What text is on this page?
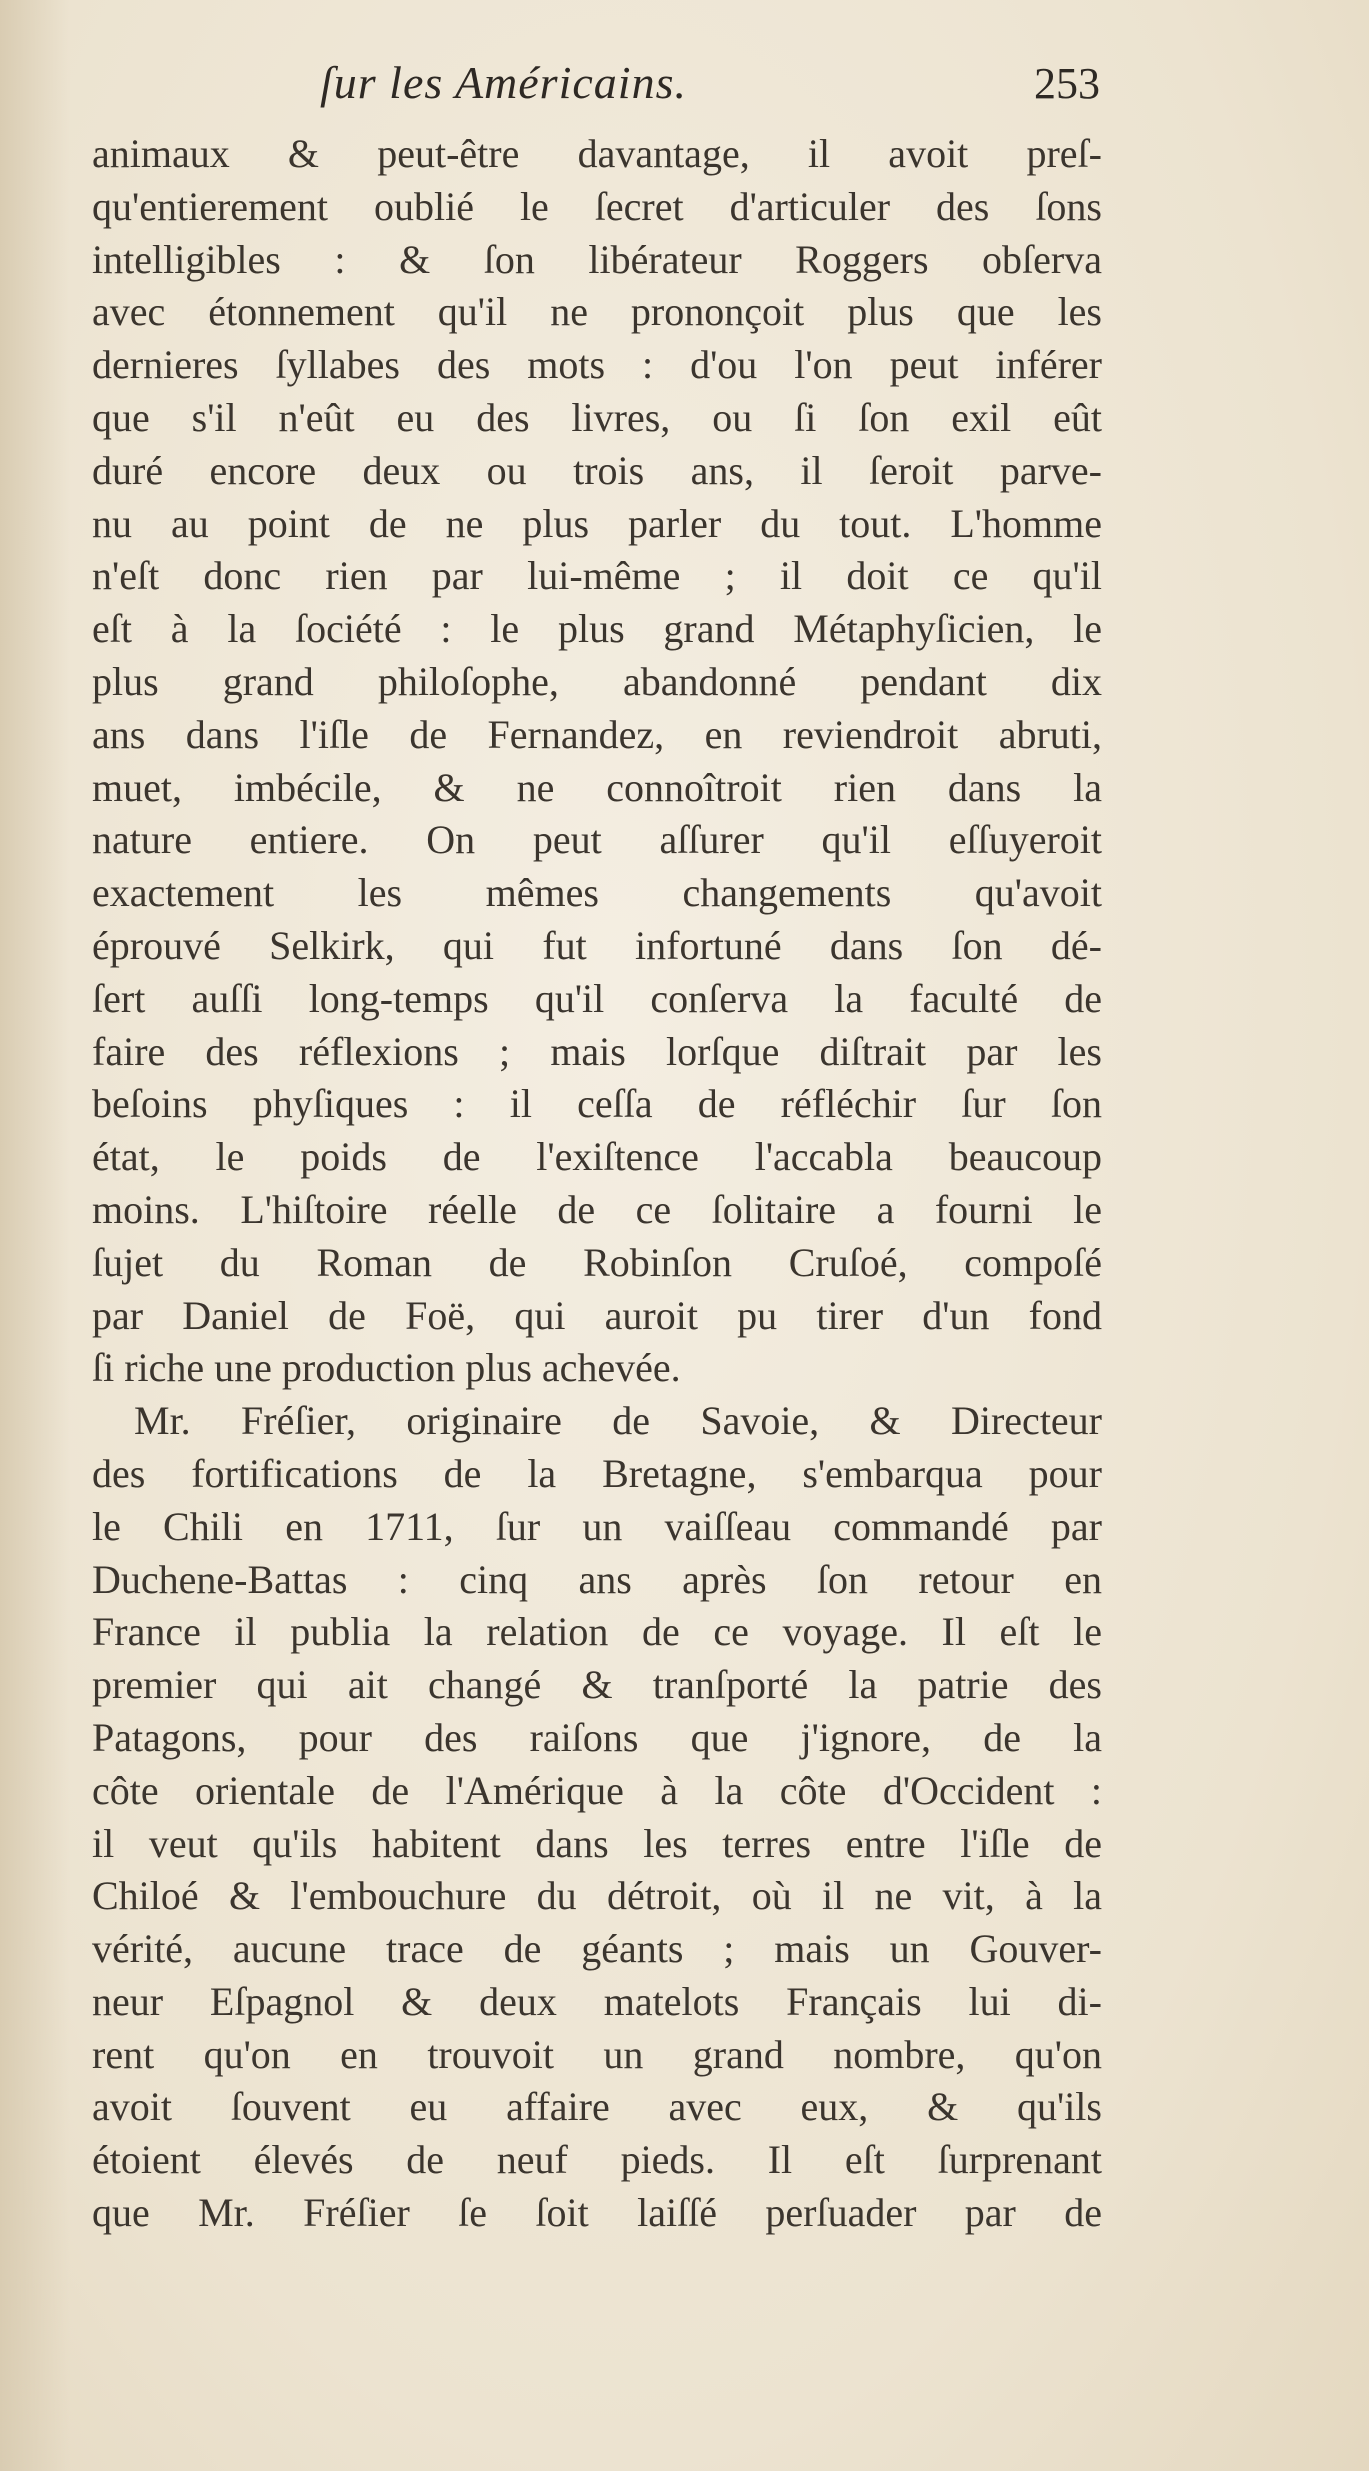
ſur les Américains.	253
animaux & peut-être davantage, il avoit preſ-
qu'entierement oublié le ſecret d'articuler des ſons
intelligibles : & ſon libérateur Roggers obſerva
avec étonnement qu'il ne prononçoit plus que les
dernieres ſyllabes des mots : d'ou l'on peut inférer
que s'il n'eût eu des livres, ou ſi ſon exil eût
duré encore deux ou trois ans, il ſeroit parve-
nu au point de ne plus parler du tout. L'homme
n'eſt donc rien par lui-même ; il doit ce qu'il
eſt à la ſociété : le plus grand Métaphyſicien, le
plus grand philoſophe, abandonné pendant dix
ans dans l'iſle de Fernandez, en reviendroit abruti,
muet, imbécile, & ne connoîtroit rien dans la
nature entiere. On peut aſſurer qu'il eſſuyeroit
exactement les mêmes changements qu'avoit
éprouvé Selkirk, qui fut infortuné dans ſon dé-
ſert auſſi long-temps qu'il conſerva la faculté de
faire des réflexions ; mais lorſque diſtrait par les
beſoins phyſiques : il ceſſa de réfléchir ſur ſon
état, le poids de l'exiſtence l'accabla beaucoup
moins. L'hiſtoire réelle de ce ſolitaire a fourni le
ſujet du Roman de Robinſon Cruſoé, compoſé
par Daniel de Foë, qui auroit pu tirer d'un fond
ſi riche une production plus achevée.
Mr. Fréſier, originaire de Savoie, & Directeur
des fortifications de la Bretagne, s'embarqua pour
le Chili en 1711, ſur un vaiſſeau commandé par
Duchene-Battas : cinq ans après ſon retour en
France il publia la relation de ce voyage. Il eſt le
premier qui ait changé & tranſporté la patrie des
Patagons, pour des raiſons que j'ignore, de la
côte orientale de l'Amérique à la côte d'Occident :
il veut qu'ils habitent dans les terres entre l'iſle de
Chiloé & l'embouchure du détroit, où il ne vit, à la
vérité, aucune trace de géants ; mais un Gouver-
neur Eſpagnol & deux matelots Français lui di-
rent qu'on en trouvoit un grand nombre, qu'on
avoit ſouvent eu affaire avec eux, & qu'ils
étoient élevés de neuf pieds. Il eſt ſurprenant
que Mr. Fréſier ſe ſoit laiſſé perſuader par de
